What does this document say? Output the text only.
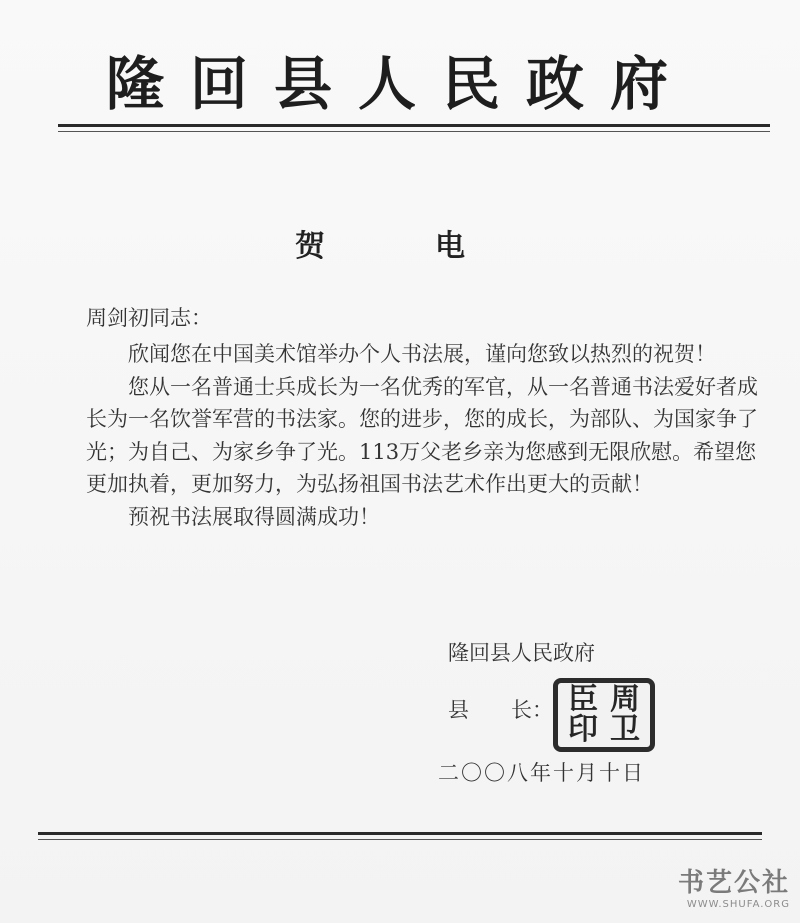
隆回县人民政府
贺　电
周剑初同志：

欣闻您在中国美术馆举办个人书法展，谨向您致以热烈的祝贺！

您从一名普通士兵成长为一名优秀的军官，从一名普通书法爱好者成长为一名饮誉军营的书法家。您的进步，您的成长，为部队、为国家争了光；为自己、为家乡争了光。113万父老乡亲为您感到无限欣慰。希望您更加执着，更加努力，为弘扬祖国书法艺术作出更大的贡献！

预祝书法展取得圆满成功！

隆回县人民政府
县　　长： 臣 周
印 卫
二〇〇八年十月十日
书艺公社
WWW.SHUFA.ORG
